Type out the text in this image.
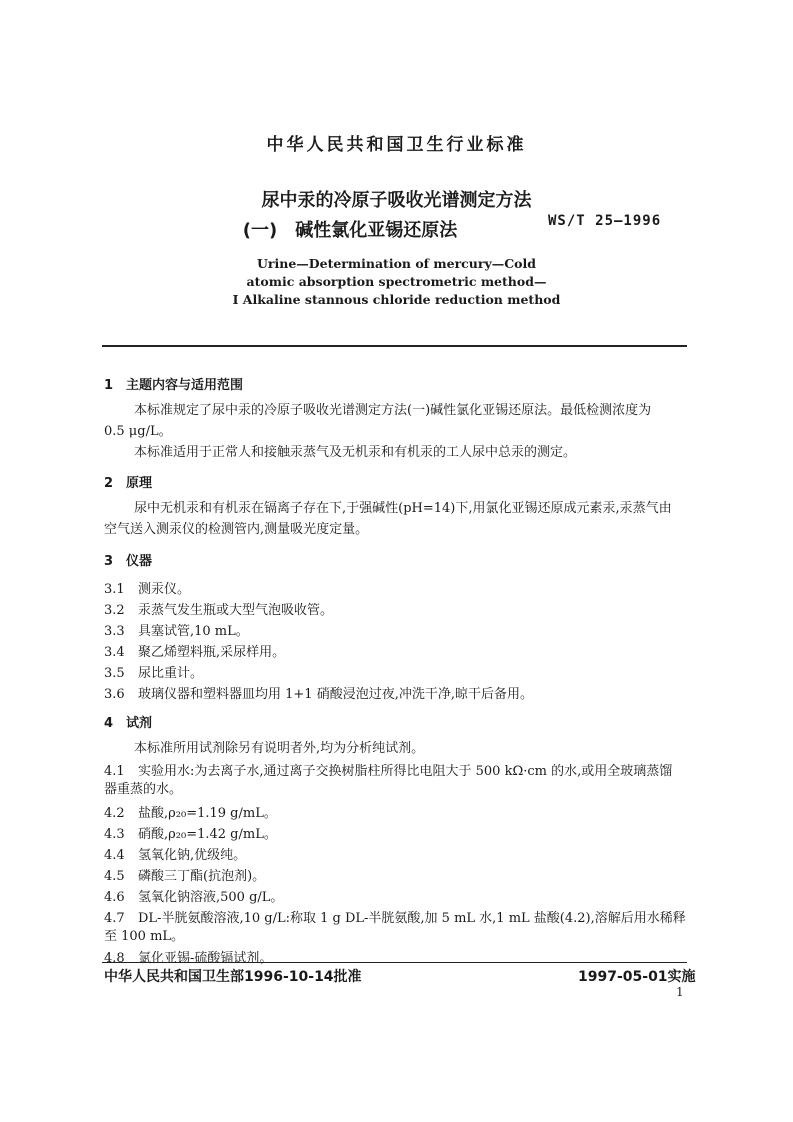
中华人民共和国卫生行业标准
尿中汞的冷原子吸收光谱测定方法
(一)　碱性氯化亚锡还原法	WS/T 25—1996
Urine—Determination of mercury—Cold
atomic absorption spectrometric method—
I Alkaline stannous chloride reduction method
1　主题内容与适用范围
本标准规定了尿中汞的冷原子吸收光谱测定方法(一)碱性氯化亚锡还原法。最低检测浓度为
0.5 μg/L。
本标准适用于正常人和接触汞蒸气及无机汞和有机汞的工人尿中总汞的测定。
2　原理
尿中无机汞和有机汞在镉离子存在下,于强碱性(pH=14)下,用氯化亚锡还原成元素汞,汞蒸气由
空气送入测汞仪的检测管内,测量吸光度定量。
3　仪器
3.1 测汞仪。
3.2 汞蒸气发生瓶或大型气泡吸收管。
3.3 具塞试管,10 mL。
3.4 聚乙烯塑料瓶,采尿样用。
3.5 尿比重计。
3.6 玻璃仪器和塑料器皿均用 1+1 硝酸浸泡过夜,冲洗干净,晾干后备用。
4　试剂
本标准所用试剂除另有说明者外,均为分析纯试剂。
4.1 实验用水:为去离子水,通过离子交换树脂柱所得比电阻大于 500 kΩ·cm 的水,或用全玻璃蒸馏
器重蒸的水。
4.2 盐酸,ρ₂₀=1.19 g/mL。
4.3 硝酸,ρ₂₀=1.42 g/mL。
4.4 氢氧化钠,优级纯。
4.5 磷酸三丁酯(抗泡剂)。
4.6 氢氧化钠溶液,500 g/L。
4.7 DL-半胱氨酸溶液,10 g/L:称取 1 g DL-半胱氨酸,加 5 mL 水,1 mL 盐酸(4.2),溶解后用水稀释
至 100 mL。
4.8 氯化亚锡-硫酸镉试剂。
中华人民共和国卫生部1996-10-14批准	1997-05-01实施
1
